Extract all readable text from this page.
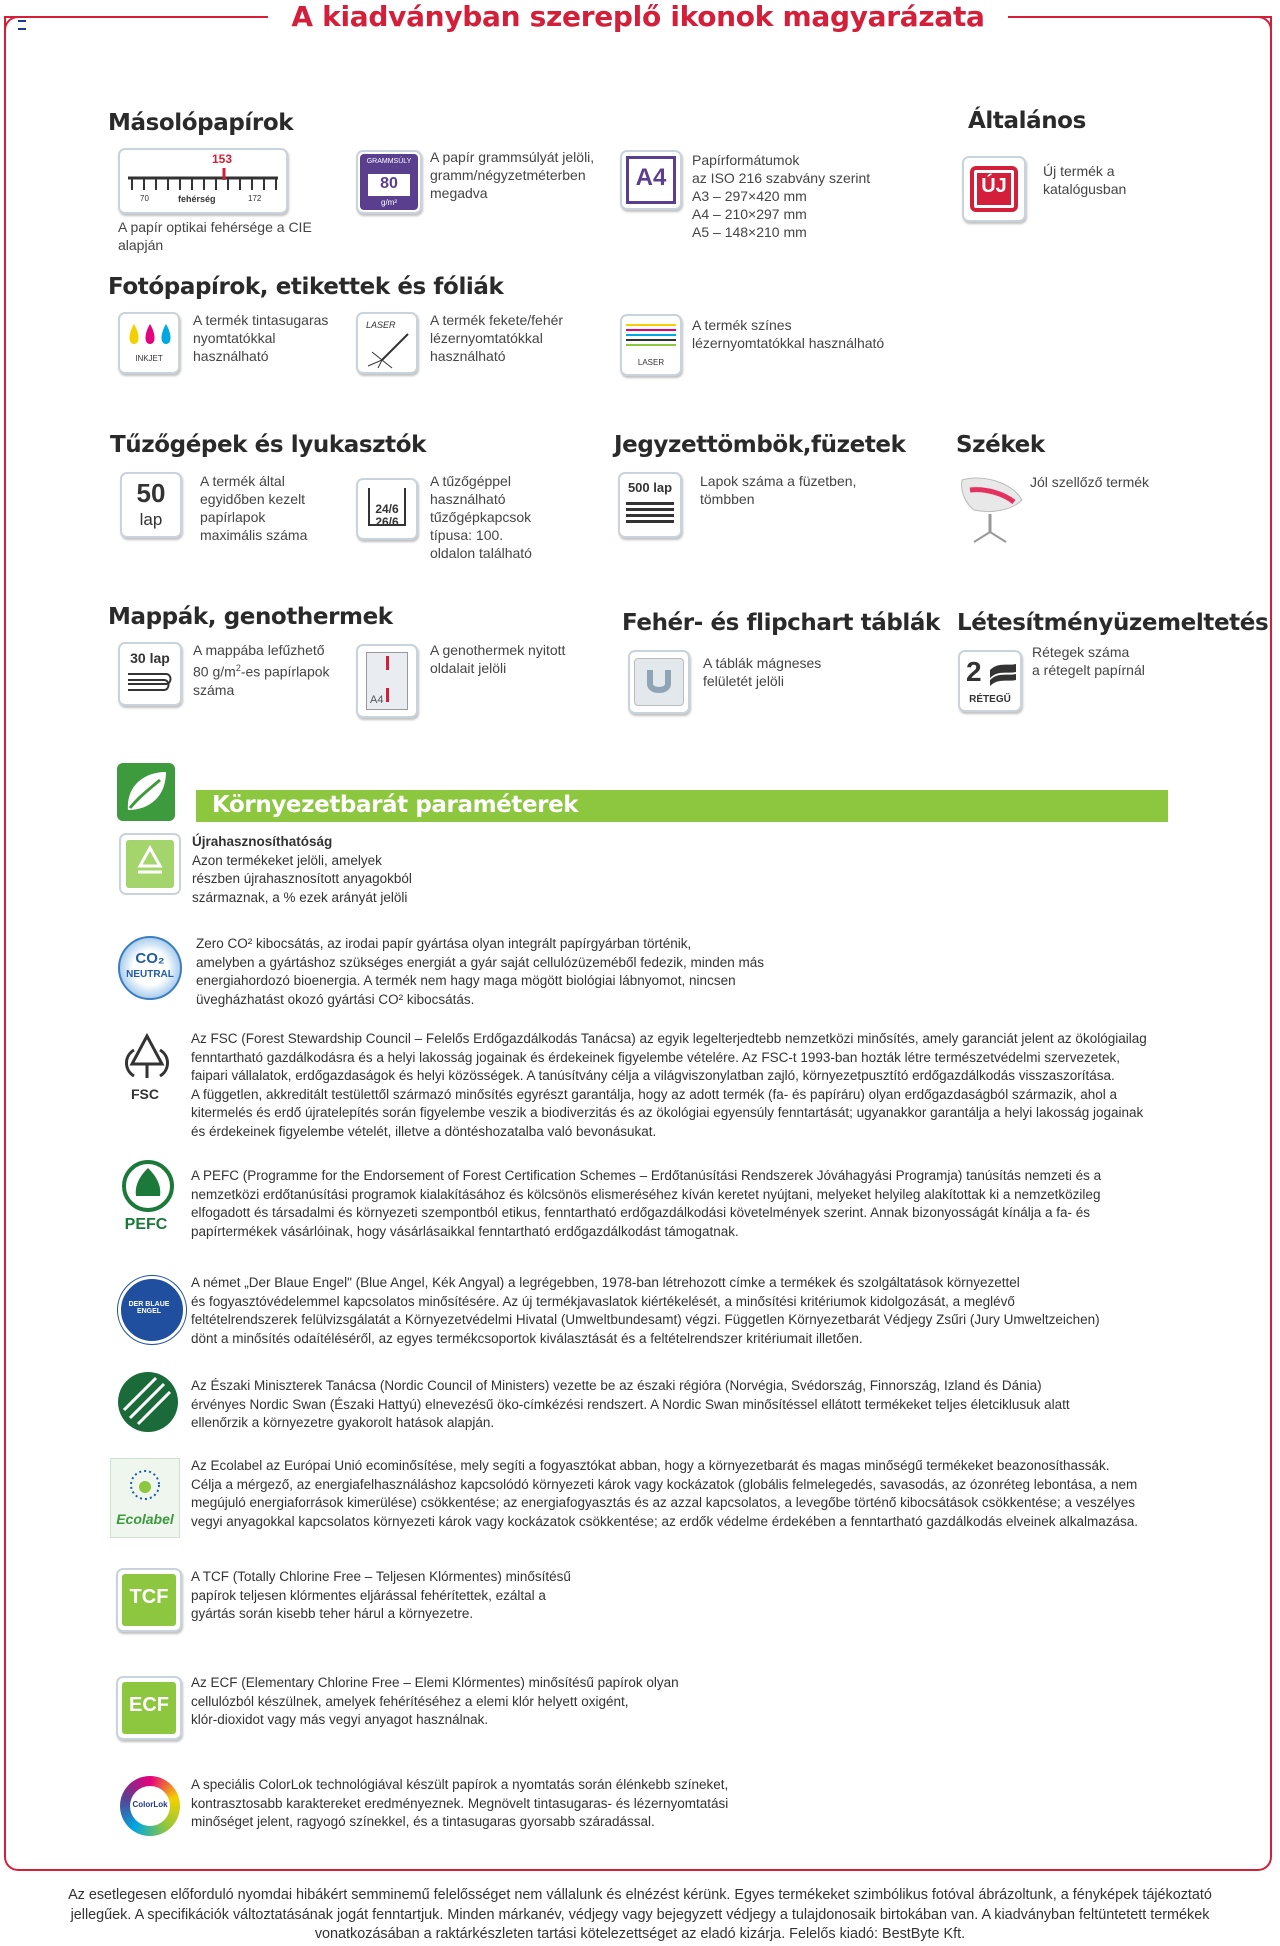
A kiadványban szereplő ikonok magyarázata
Másolópapírok
153
70	fehérség	172
A papír optikai fehérsége a CIE
alapján
GRAMMSÚLY
80
g/m²
A papír grammsúlyát jelöli,
gramm/négyzetméterben
megadva
A4
Papírformátumok
az ISO 216 szabvány szerint
A3 – 297×420 mm
A4 – 210×297 mm
A5 – 148×210 mm
Általános
ÚJ
Új termék a
katalógusban
Fotópapírok, etikettek és fóliák
INKJET
A termék tintasugaras
nyomtatókkal
használható
LASER A termék fekete/fehér
lézernyomtatókkal
használható	LASER
A termék színes
lézernyomtatókkal használható
Tűzőgépek és lyukasztók
50
lap
A termék által
egyidőben kezelt
papírlapok
maximális száma
24/6
26/6
A tűzőgéppel
használható
tűzőgépkapcsok
típusa: 100.
oldalon található
Jegyzettömbök,füzetek
500 lap	Lapok száma a füzetben,
tömbben
Székek
Jól szellőző termék
Mappák, genothermek
30 lap	A mappába lefűzhető
80 $g/m^2-es$ papírlapok
száma
A4
A genothermek nyitott
oldalait jelöli
Fehér- és flipchart táblák
A táblák mágneses
felületét jelöli
Létesítményüzemeltetés
2
RÉTEGŰ
Rétegek száma
a rétegelt papírnál
Környezetbarát paraméterek
Újrahasznosíthatóság
Azon termékeket jelöli, amelyek
részben újrahasznosított anyagokból
származnak, a % ezek arányát jelöli
CO₂
NEUTRAL
Zero CO² kibocsátás, az irodai papír gyártása olyan integrált papírgyárban történik,
amelyben a gyártáshoz szükséges energiát a gyár saját cellulózüzeméből fedezik, minden más
energiahordozó bioenergia. A termék nem hagy maga mögött biológiai lábnyomot, nincsen
üvegházhatást okozó gyártási CO² kibocsátás.
FSC
Az FSC (Forest Stewardship Council – Felelős Erdőgazdálkodás Tanácsa) az egyik legelterjedtebb nemzetközi minősítés, amely garanciát jelent az ökológiailag
fenntartható gazdálkodásra és a helyi lakosság jogainak és érdekeinek figyelembe vételére. Az FSC-t 1993-ban hozták létre természetvédelmi szervezetek,
faipari vállalatok, erdőgazdaságok és helyi közösségek. A tanúsítvány célja a világviszonylatban zajló, környezetpusztító erdőgazdálkodás visszaszorítása.
A független, akkreditált testülettől származó minősítés egyrészt garantálja, hogy az adott termék (fa- és papíráru) olyan erdőgazdaságból származik, ahol a
kitermelés és erdő újratelepítés során figyelembe veszik a biodiverzitás és az ökológiai egyensúly fenntartását; ugyanakkor garantálja a helyi lakosság jogainak
és érdekeinek figyelembe vételét, illetve a döntéshozatalba való bevonásukat.
PEFC
A PEFC (Programme for the Endorsement of Forest Certification Schemes – Erdőtanúsítási Rendszerek Jóváhagyási Programja) tanúsítás nemzeti és a
nemzetközi erdőtanúsítási programok kialakításához és kölcsönös elismeréséhez kíván keretet nyújtani, melyeket helyileg alakítottak ki a nemzetközileg
elfogadott és társadalmi és környezeti szempontból etikus, fenntartható erdőgazdálkodási követelmények szerint. Annak bizonyosságát kínálja a fa- és
papírtermékek vásárlóinak, hogy vásárlásaikkal fenntartható erdőgazdálkodást támogatnak.
DER BLAUE ENGEL
A német „Der Blaue Engel" (Blue Angel, Kék Angyal) a legrégebben, 1978-ban létrehozott címke a termékek és szolgáltatások környezettel
és fogyasztóvédelemmel kapcsolatos minősítésére. Az új termékjavaslatok kiértékelését, a minősítési kritériumok kidolgozását, a meglévő
feltételrendszerek felülvizsgálatát a Környezetvédelmi Hivatal (Umweltbundesamt) végzi. Független Környezetbarát Védjegy Zsűri (Jury Umweltzeichen)
dönt a minősítés odaítéléséről, az egyes termékcsoportok kiválasztását és a feltételrendszer kritériumait illetően.
Az Északi Miniszterek Tanácsa (Nordic Council of Ministers) vezette be az északi régióra (Norvégia, Svédország, Finnország, Izland és Dánia)
érvényes Nordic Swan (Északi Hattyú) elnevezésű öko-címkézési rendszert. A Nordic Swan minősítéssel ellátott termékeket teljes életciklusuk alatt
ellenőrzik a környezetre gyakorolt hatások alapján.
Ecolabel
Az Ecolabel az Európai Unió ecominősítése, mely segíti a fogyasztókat abban, hogy a környezetbarát és magas minőségű termékeket beazonosíthassák.
Célja a mérgező, az energiafelhasználáshoz kapcsolódó környezeti károk vagy kockázatok (globális felmelegedés, savasodás, az ózonréteg lebontása, a nem
megújuló energiaforrások kimerülése) csökkentése; az energiafogyasztás és az azzal kapcsolatos, a levegőbe történő kibocsátások csökkentése; a veszélyes
vegyi anyagokkal kapcsolatos környezeti károk vagy kockázatok csökkentése; az erdők védelme érdekében a fenntartható gazdálkodás elveinek alkalmazása.
TCF
A TCF (Totally Chlorine Free – Teljesen Klórmentes) minősítésű
papírok teljesen klórmentes eljárással fehérítettek, ezáltal a
gyártás során kisebb teher hárul a környezetre.
ECF
Az ECF (Elementary Chlorine Free – Elemi Klórmentes) minősítésű papírok olyan
cellulózból készülnek, amelyek fehérítéséhez a elemi klór helyett oxigént,
klór-dioxidot vagy más vegyi anyagot használnak.
ColorLok
A speciális ColorLok technológiával készült papírok a nyomtatás során élénkebb színeket,
kontrasztosabb karaktereket eredményeznek. Megnövelt tintasugaras- és lézernyomtatási
minőséget jelent, ragyogó színekkel, és a tintasugaras gyorsabb száradással.
Az esetlegesen előforduló nyomdai hibákért semminemű felelősséget nem vállalunk és elnézést kérünk. Egyes termékeket szimbólikus fotóval ábrázoltunk, a fényképek tájékoztató
jellegűek. A specifikációk változtatásának jogát fenntartjuk. Minden márkanév, védjegy vagy bejegyzett védjegy a tulajdonosaik birtokában van. A kiadványban feltüntetett termékek
vonatkozásában a raktárkészleten tartási kötelezettséget az eladó kizárja. Felelős kiadó: BestByte Kft.
